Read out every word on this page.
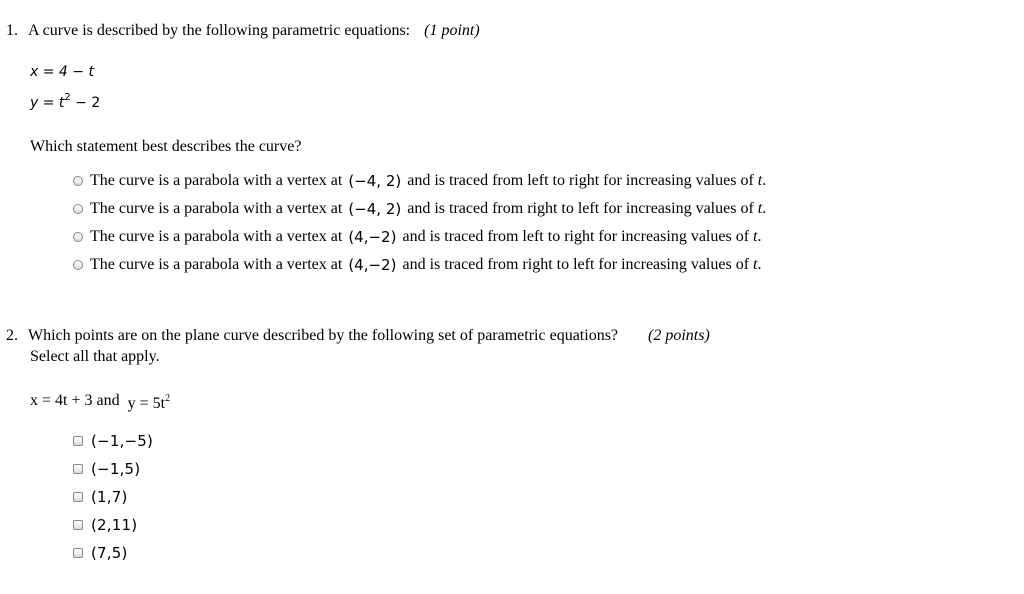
1. A curve is described by the following parametric equations: (1 point)
x = 4 − t
$y = t^2 - 2$
Which statement best describes the curve?
The curve is a parabola with a vertex at (−4, 2) and is traced from left to right for increasing values of t .
The curve is a parabola with a vertex at (−4, 2) and is traced from right to left for increasing values of t .
The curve is a parabola with a vertex at (4,−2) and is traced from left to right for increasing values of t .
The curve is a parabola with a vertex at (4,−2) and is traced from right to left for increasing values of t .
2. Which points are on the plane curve described by the following set of parametric equations? (2 points)
Select all that apply.
x = 4t + 3 and $y = 5t^2$
(−1,−5)
(−1,5)
(1,7)
(2,11)
(7,5)
